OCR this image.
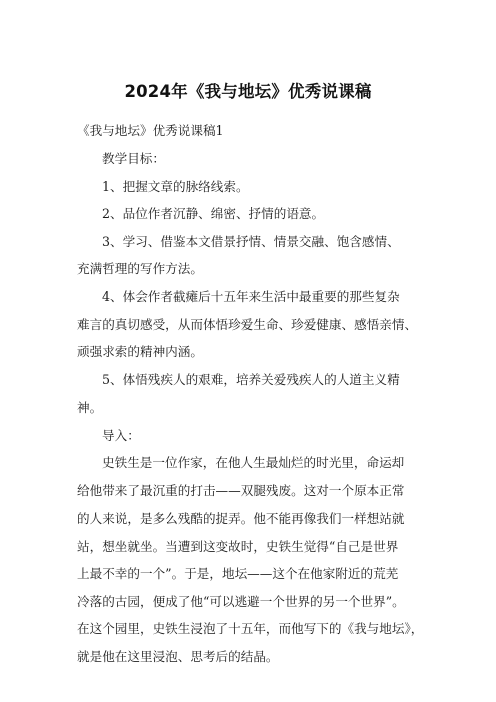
2024年《我与地坛》优秀说课稿
《我与地坛》优秀说课稿1
教学目标：
1、把握文章的脉络线索。
2、品位作者沉静、绵密、抒情的语意。
3、学习、借鉴本文借景抒情、情景交融、饱含感情、
充满哲理的写作方法。
4、体会作者截瘫后十五年来生活中最重要的那些复杂
难言的真切感受，从而体悟珍爱生命、珍爱健康、感悟亲情、
顽强求索的精神内涵。
5、体悟残疾人的艰难，培养关爱残疾人的人道主义精
神。
导入：
史铁生是一位作家，在他人生最灿烂的时光里，命运却
给他带来了最沉重的打击——双腿残废。这对一个原本正常
的人来说，是多么残酷的捉弄。他不能再像我们一样想站就
站，想坐就坐。当遭到这变故时，史铁生觉得“自己是世界
上最不幸的一个”。于是，地坛——这个在他家附近的荒芜
冷落的古园，便成了他“可以逃避一个世界的另一个世界”。
在这个园里，史铁生浸泡了十五年，而他写下的《我与地坛》，
就是他在这里浸泡、思考后的结晶。
